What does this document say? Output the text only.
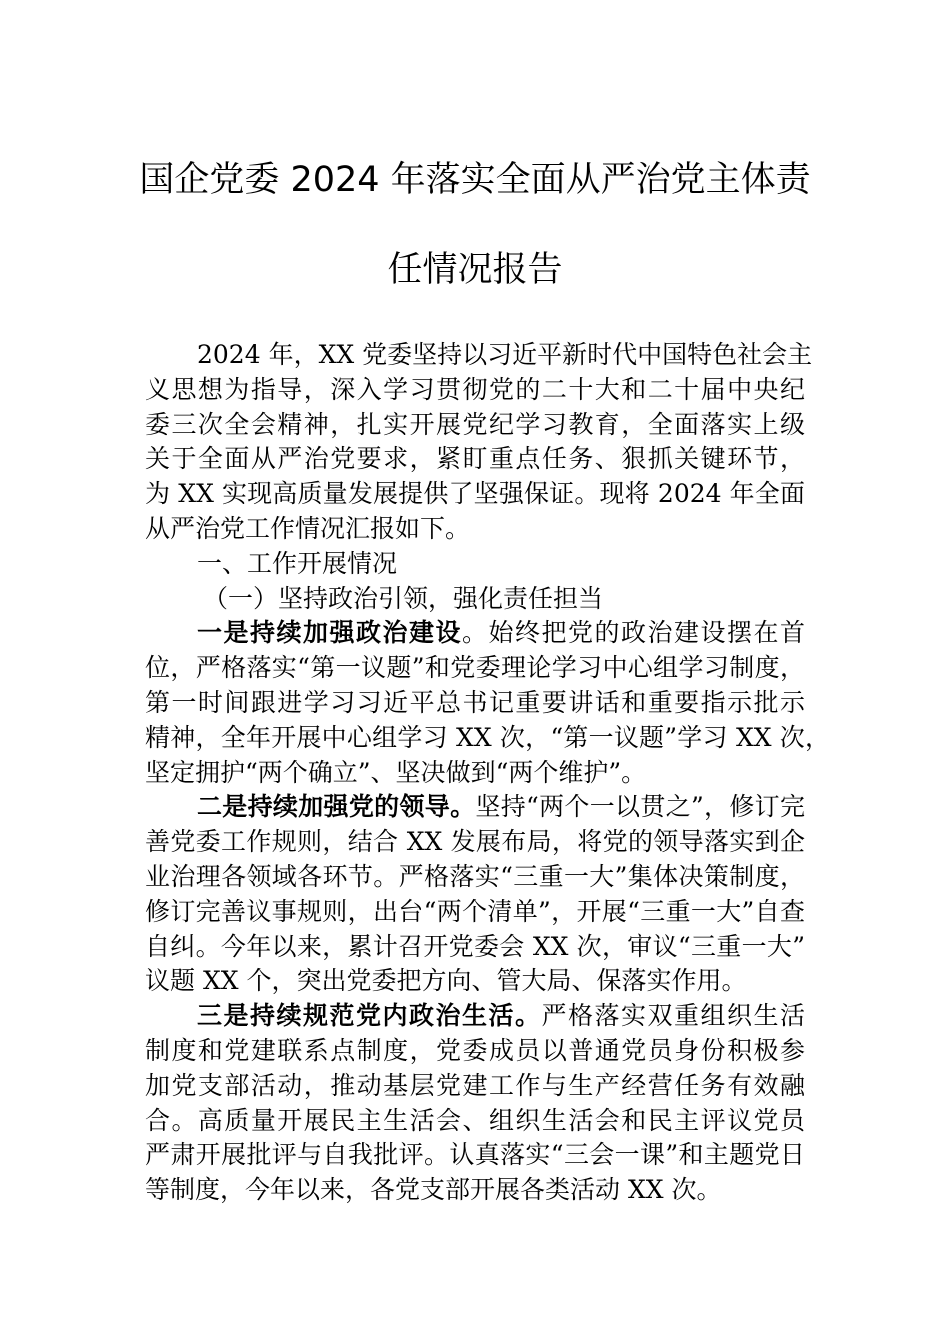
国企党委 2024 年落实全面从严治党主体责
任情况报告
2024 年，XX 党委坚持以习近平新时代中国特色社会主
义思想为指导，深入学习贯彻党的二十大和二十届中央纪
委三次全会精神，扎实开展党纪学习教育，全面落实上级
关于全面从严治党要求，紧盯重点任务、狠抓关键环节，
为 XX 实现高质量发展提供了坚强保证。现将 2024 年全面
从严治党工作情况汇报如下。
一、工作开展情况
（一）坚持政治引领，强化责任担当
一是持续加强政治建设。始终把党的政治建设摆在首
位，严格落实“第一议题”和党委理论学习中心组学习制度，
第一时间跟进学习习近平总书记重要讲话和重要指示批示
精神，全年开展中心组学习 XX 次，“第一议题”学习 XX 次，
坚定拥护“两个确立”、坚决做到“两个维护”。
二是持续加强党的领导。坚持“两个一以贯之”，修订完
善党委工作规则，结合 XX 发展布局，将党的领导落实到企
业治理各领域各环节。严格落实“三重一大”集体决策制度，
修订完善议事规则，出台“两个清单”，开展“三重一大”自查
自纠。今年以来，累计召开党委会 XX 次，审议“三重一大”
议题 XX 个，突出党委把方向、管大局、保落实作用。
三是持续规范党内政治生活。严格落实双重组织生活
制度和党建联系点制度，党委成员以普通党员身份积极参
加党支部活动，推动基层党建工作与生产经营任务有效融
合。高质量开展民主生活会、组织生活会和民主评议党员
严肃开展批评与自我批评。认真落实“三会一课”和主题党日
等制度，今年以来，各党支部开展各类活动 XX 次。
